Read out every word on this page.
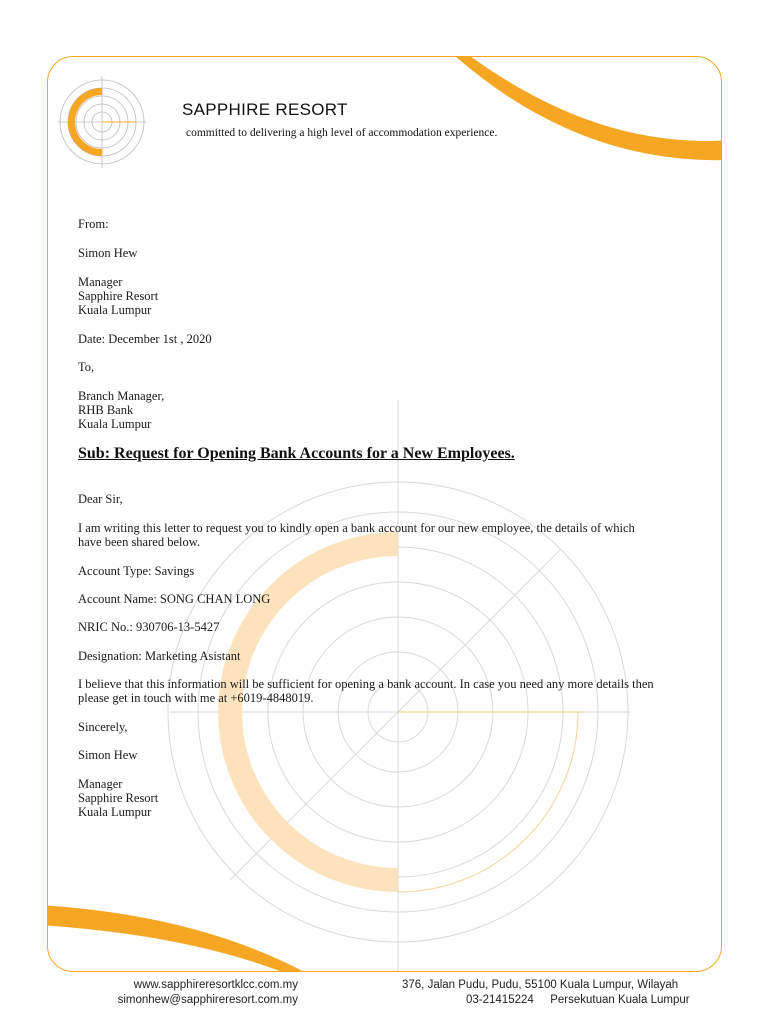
SAPPHIRE RESORT
committed to delivering a high level of accommodation experience.
From:
Simon Hew
Manager
Sapphire Resort
Kuala Lumpur
Date: December 1st , 2020
To,
Branch Manager,
RHB Bank
Kuala Lumpur
Sub: Request for Opening Bank Accounts for a New Employees.
Dear Sir,
I am writing this letter to request you to kindly open a bank account for our new employee, the details of which
have been shared below.
Account Type: Savings
Account Name: SONG CHAN LONG
NRIC No.: 930706-13-5427
Designation: Marketing Asistant
I believe that this information will be sufficient for opening a bank account. In case you need any more details then
please get in touch with me at +6019-4848019.
Sincerely,
Simon Hew
Manager
Sapphire Resort
Kuala Lumpur
www.sapphireresortklcc.com.my
simonhew@sapphireresort.com.my
376, Jalan Pudu, Pudu, 55100 Kuala Lumpur, Wilayah
03-21415224 Persekutuan Kuala Lumpur
